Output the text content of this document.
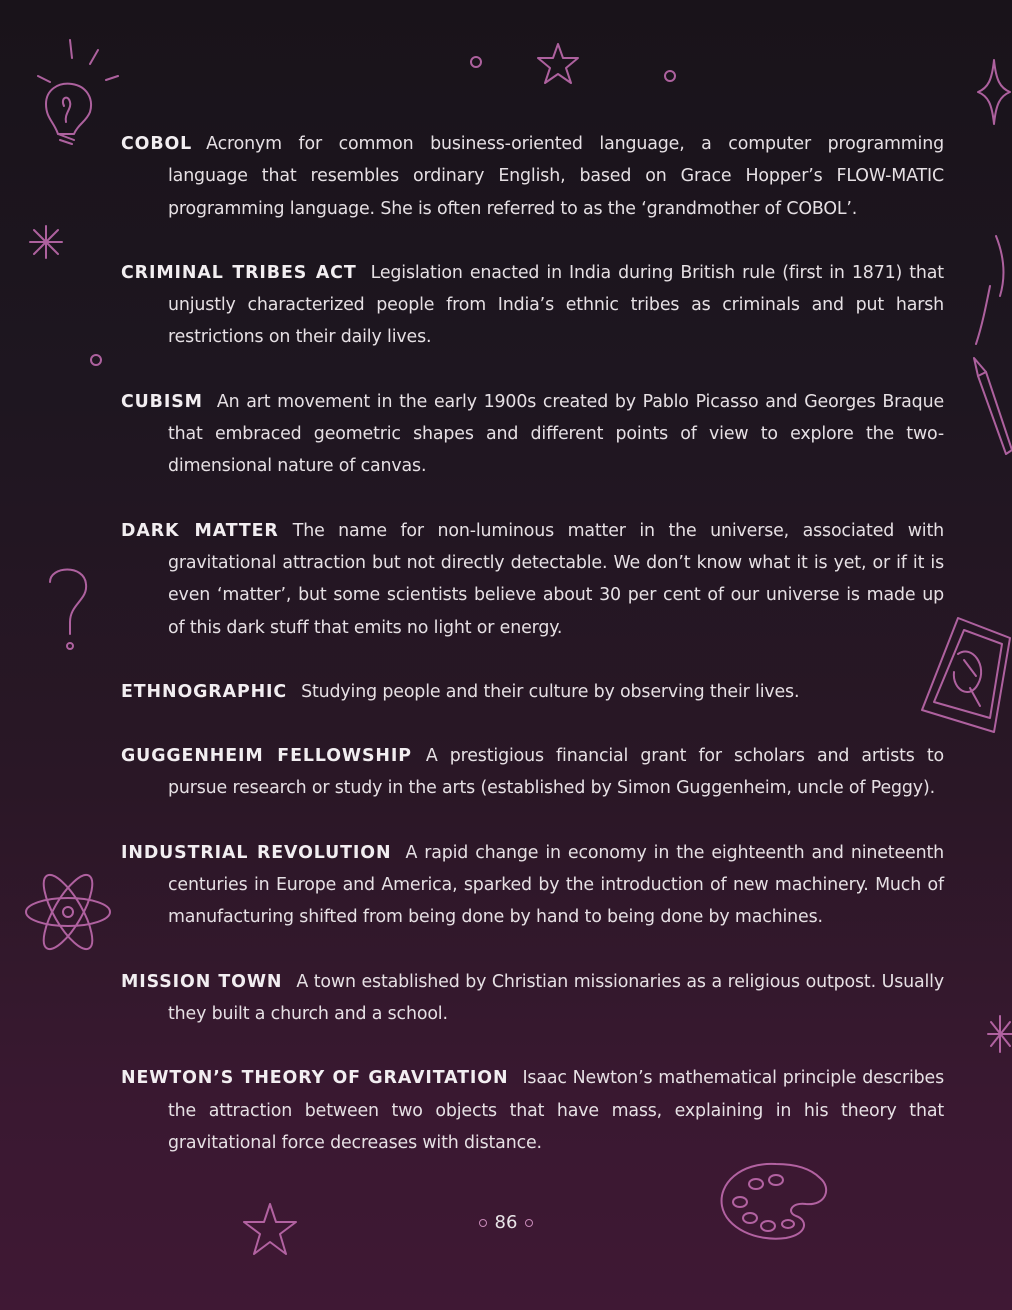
COBOL Acronym for common business-oriented language, a computer programming language that resembles ordinary English, based on Grace Hopper’s FLOW-MATIC programming language. She is often referred to as the ‘grandmother of COBOL’.

CRIMINAL TRIBES ACT Legislation enacted in India during British rule (first in 1871) that unjustly characterized people from India’s ethnic tribes as criminals and put harsh restrictions on their daily lives.

CUBISM An art movement in the early 1900s created by Pablo Picasso and Georges Braque that embraced geometric shapes and different points of view to explore the two-dimensional nature of canvas.

DARK MATTER The name for non-luminous matter in the universe, associated with gravitational attraction but not directly detectable. We don’t know what it is yet, or if it is even ‘matter’, but some scientists believe about 30 per cent of our universe is made up of this dark stuff that emits no light or energy.

ETHNOGRAPHIC Studying people and their culture by observing their lives.

GUGGENHEIM FELLOWSHIP A prestigious financial grant for scholars and artists to pursue research or study in the arts (established by Simon Guggenheim, uncle of Peggy).

INDUSTRIAL REVOLUTION A rapid change in economy in the eighteenth and nineteenth centuries in Europe and America, sparked by the introduction of new machinery. Much of manufacturing shifted from being done by hand to being done by machines.

MISSION TOWN A town established by Christian missionaries as a religious outpost. Usually they built a church and a school.

NEWTON’S THEORY OF GRAVITATION Isaac Newton’s mathematical principle describes the attraction between two objects that have mass, explaining in his theory that gravitational force decreases with distance.

86
